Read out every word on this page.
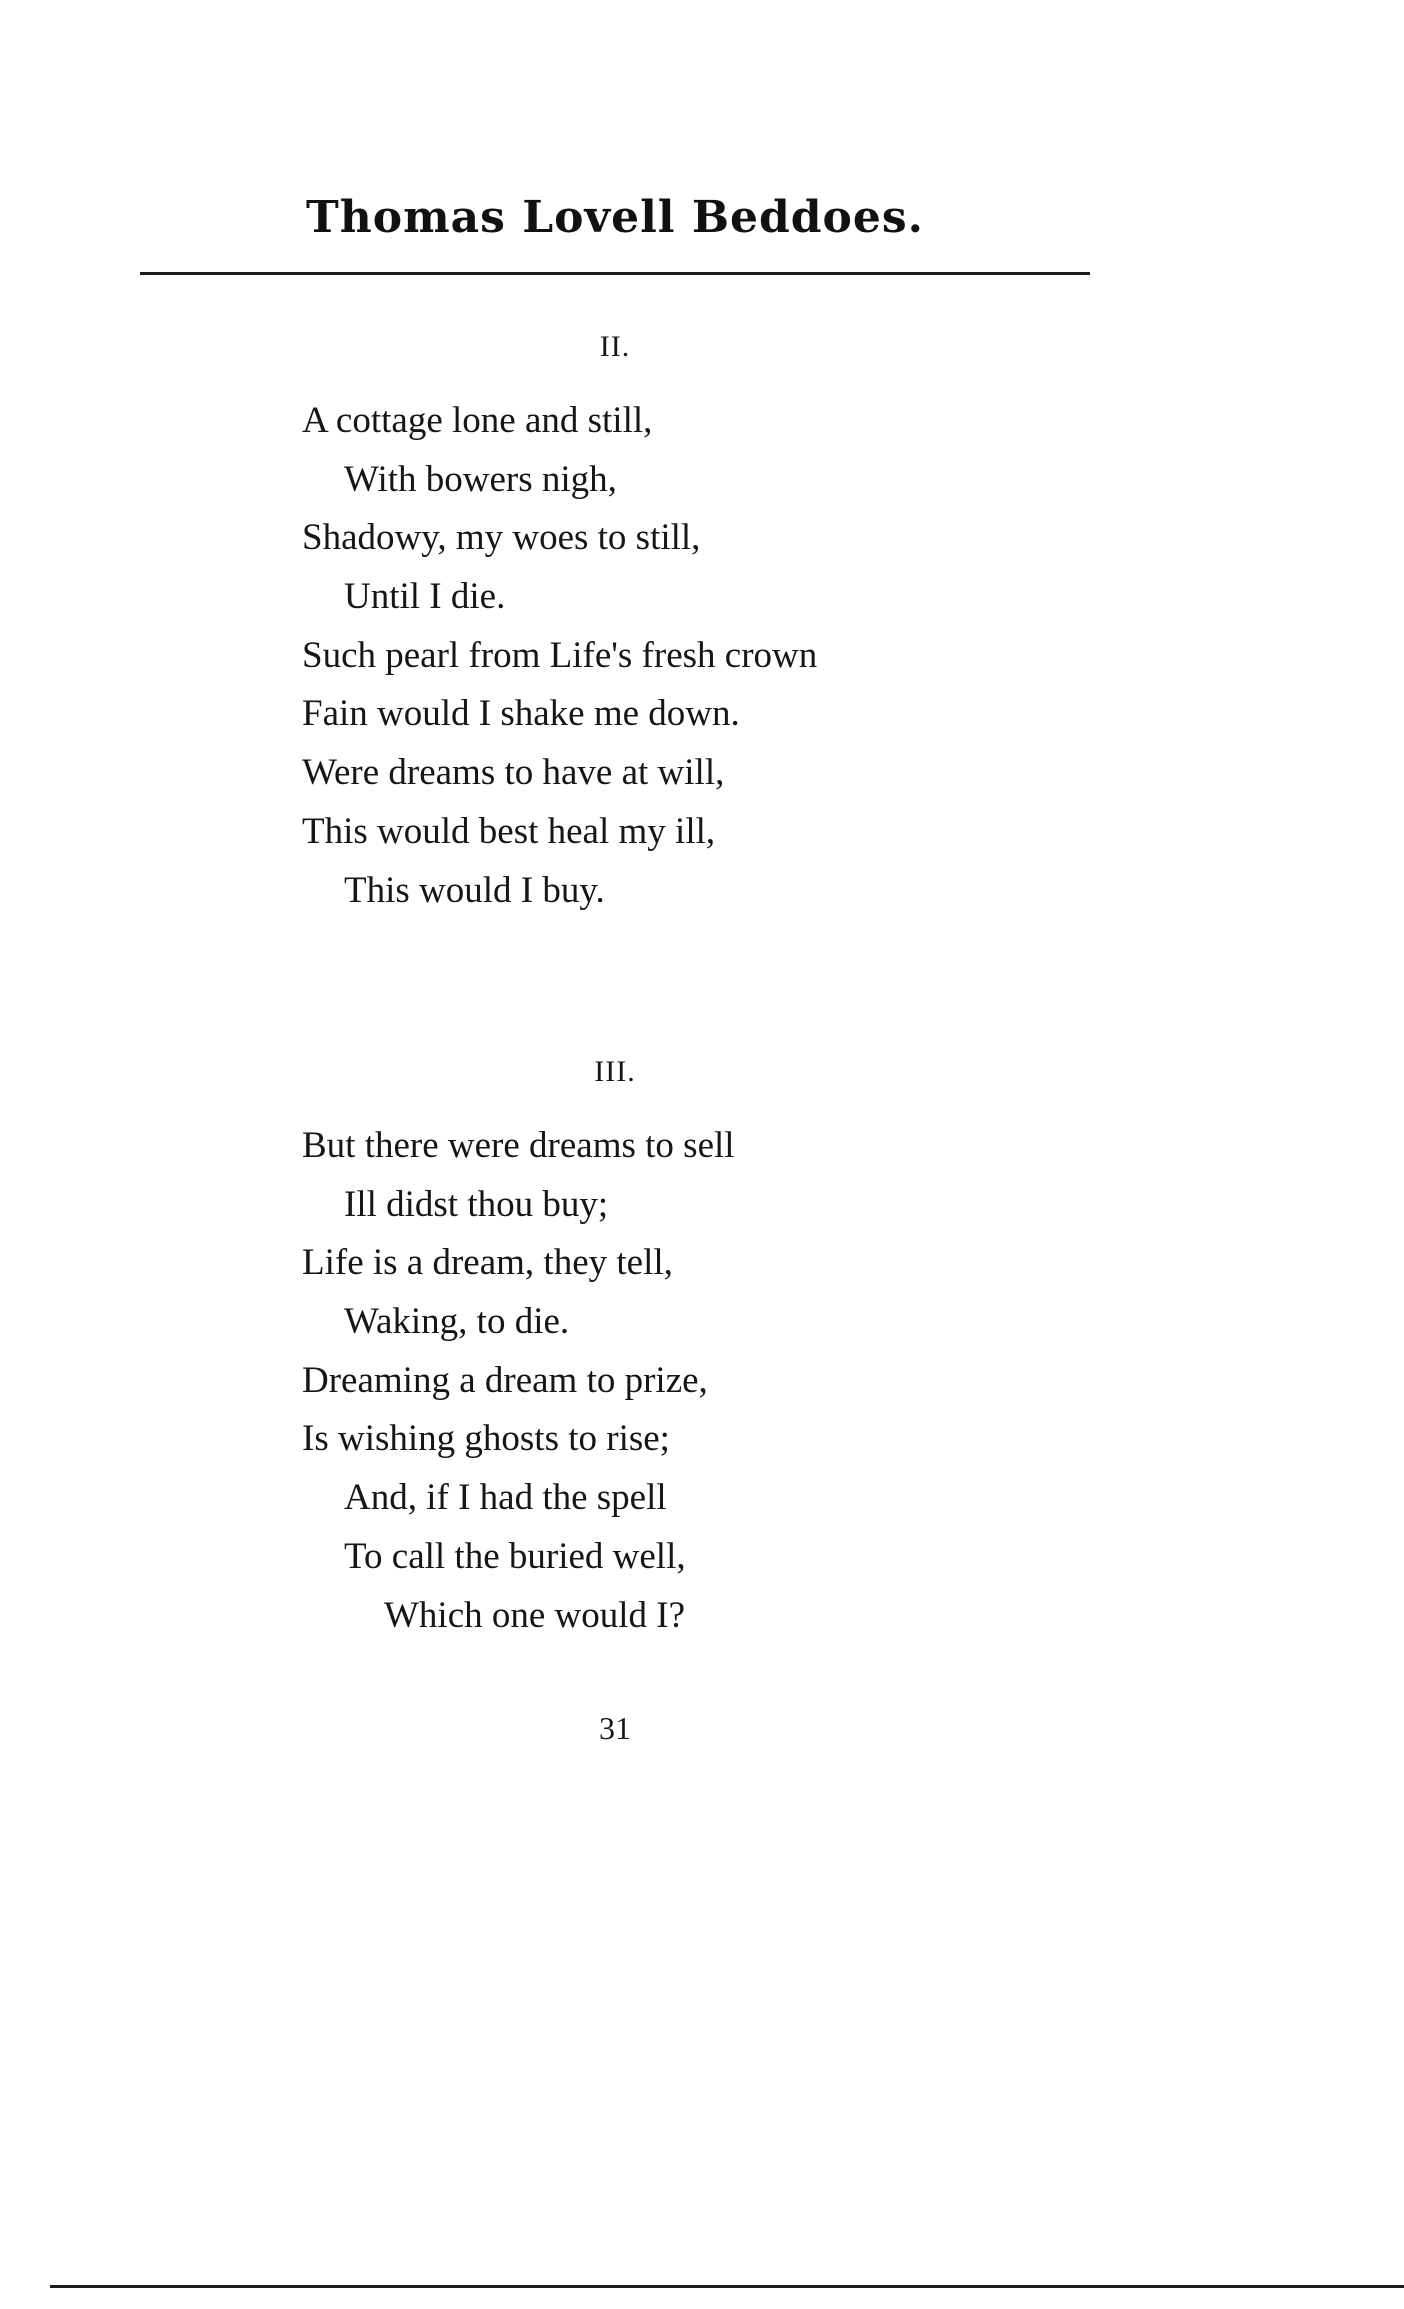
Thomas Lovell Beddoes.
II.
A cottage lone and still,
With bowers nigh,
Shadowy, my woes to still,
Until I die.
Such pearl from Life's fresh crown
Fain would I shake me down.
Were dreams to have at will,
This would best heal my ill,
This would I buy.
III.
But there were dreams to sell
Ill didst thou buy;
Life is a dream, they tell,
Waking, to die.
Dreaming a dream to prize,
Is wishing ghosts to rise;
And, if I had the spell
To call the buried well,
Which one would I?
31
